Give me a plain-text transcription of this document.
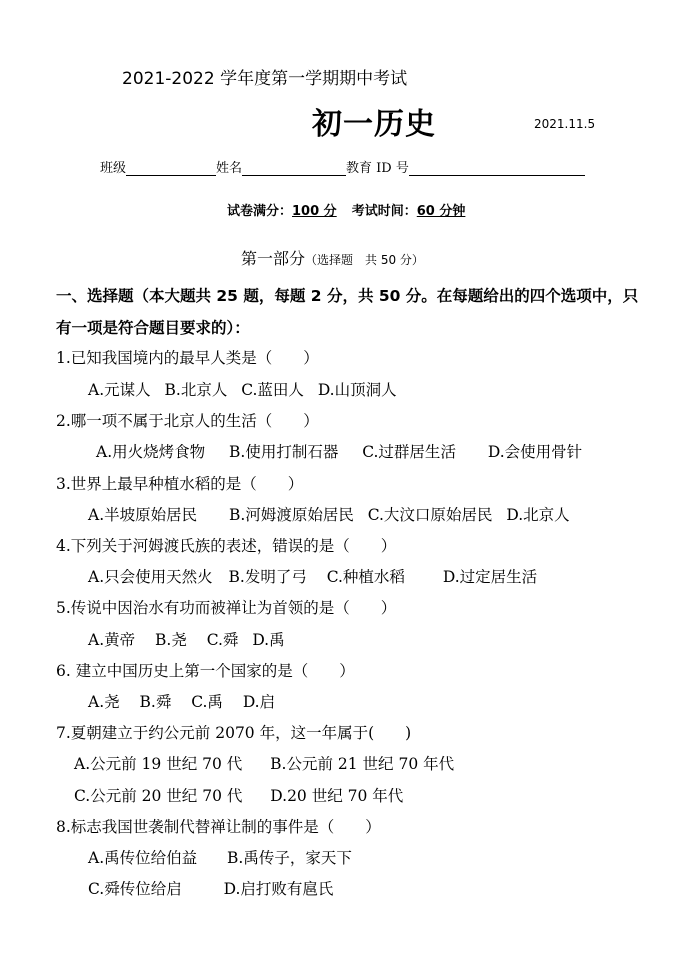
2021-2022 学年度第一学期期中考试
初一历史	2021.11.5
班级	姓名	教育 ID 号
试卷满分：100 分 考试时间：60 分钟
第一部分（选择题　共 50 分）
一、选择题（本大题共 25 题，每题 2 分，共 50 分。在每题给出的四个选项中，只
有一项是符合题目要求的）：
1.已知我国境内的最早人类是（　　）
A.元谋人 B.北京人 C.蓝田人 D.山顶洞人
2.哪一项不属于北京人的生活（　　）
A.用火烧烤食物 B.使用打制石器 C.过群居生活 D.会使用骨针
3.世界上最早种植水稻的是（　　）
A.半坡原始居民 B.河姆渡原始居民 C.大汶口原始居民 D.北京人
4.下列关于河姆渡氏族的表述，错误的是（　　）
A.只会使用天然火 B.发明了弓 C.种植水稻 D.过定居生活
5.传说中因治水有功而被禅让为首领的是（　　）
A.黄帝 B.尧 C.舜 D.禹
6. 建立中国历史上第一个国家的是（　　）
A.尧 B.舜 C.禹 D.启
7.夏朝建立于约公元前 2070 年，这一年属于(　　)
A.公元前 19 世纪 70 代 B.公元前 21 世纪 70 年代
C.公元前 20 世纪 70 代 D.20 世纪 70 年代
8.标志我国世袭制代替禅让制的事件是（　　）
A.禹传位给伯益 B.禹传子，家天下
C.舜传位给启	D.启打败有扈氏
